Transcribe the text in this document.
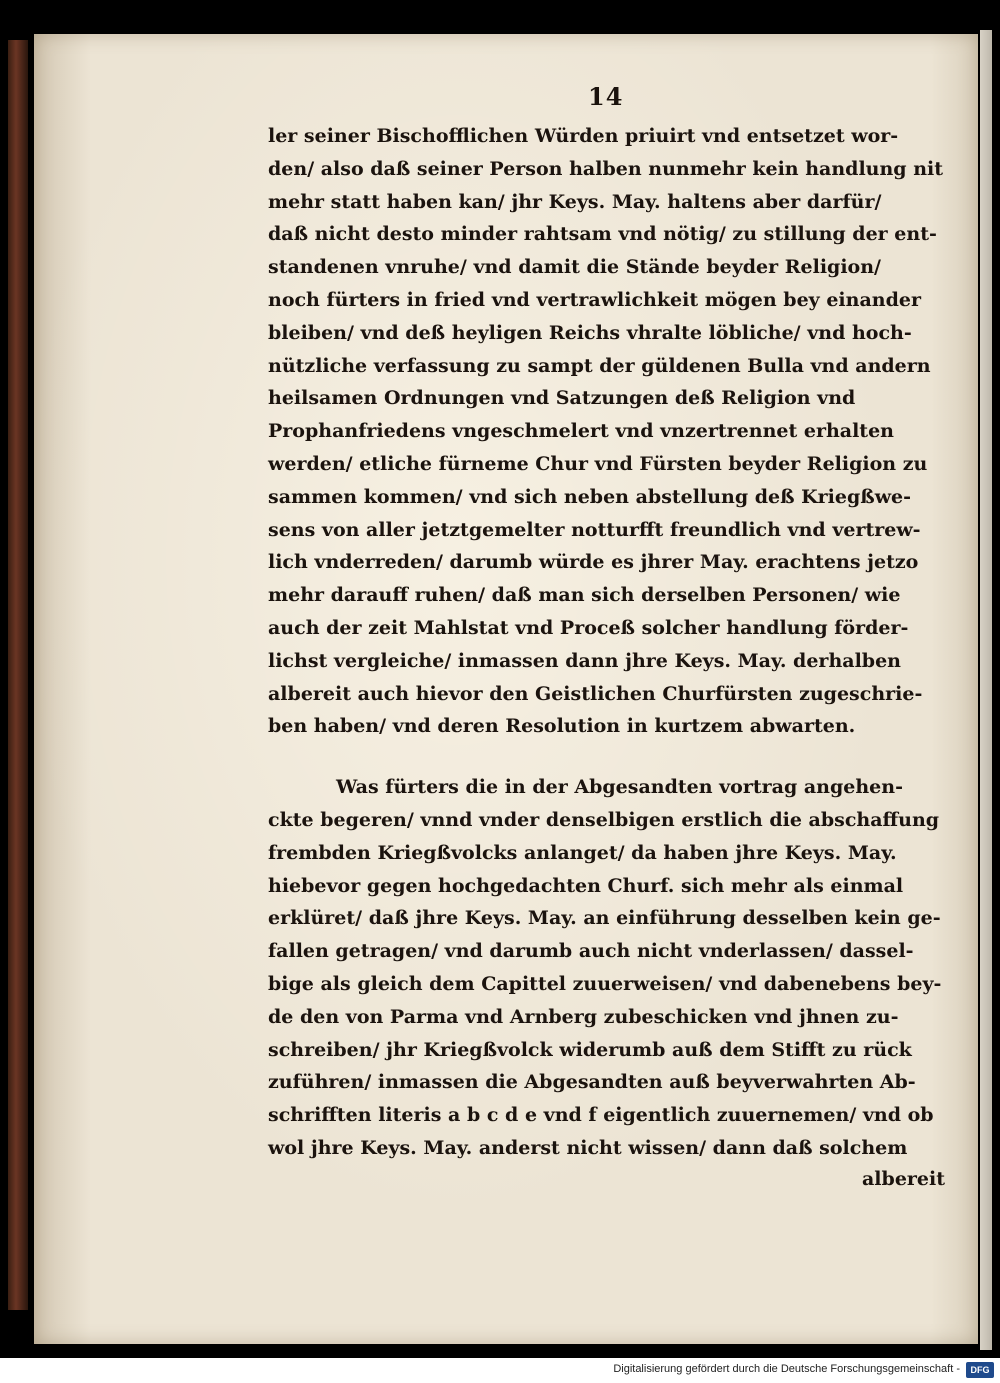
14
ler seiner Bischofflichen Würden priuirt vnd entsetzet wor-
den/ also daß seiner Person halben nunmehr kein handlung nit
mehr statt haben kan/ jhr Keys. May. haltens aber darfür/
daß nicht desto minder rahtsam vnd nötig/ zu stillung der ent-
standenen vnruhe/ vnd damit die Stände beyder Religion/
noch fürters in fried vnd vertrawlichkeit mögen bey einander
bleiben/ vnd deß heyligen Reichs vhralte löbliche/ vnd hoch-
nützliche verfassung zu sampt der güldenen Bulla vnd andern
heilsamen Ordnungen vnd Satzungen deß Religion vnd
Prophanfriedens vngeschmelert vnd vnzertrennet erhalten
werden/ etliche fürneme Chur vnd Fürsten beyder Religion zu
sammen kommen/ vnd sich neben abstellung deß Kriegßwe-
sens von aller jetztgemelter notturfft freundlich vnd vertrew-
lich vnderreden/ darumb würde es jhrer May. erachtens jetzo
mehr darauff ruhen/ daß man sich derselben Personen/ wie
auch der zeit Mahlstat vnd Proceß solcher handlung förder-
lichst vergleiche/ inmassen dann jhre Keys. May. derhalben
albereit auch hievor den Geistlichen Churfürsten zugeschrie-
ben haben/ vnd deren Resolution in kurtzem abwarten.
Was fürters die in der Abgesandten vortrag angehen-
ckte begeren/ vnnd vnder denselbigen erstlich die abschaffung
frembden Kriegßvolcks anlanget/ da haben jhre Keys. May.
hiebevor gegen hochgedachten Churf. sich mehr als einmal
erklüret/ daß jhre Keys. May. an einführung desselben kein ge-
fallen getragen/ vnd darumb auch nicht vnderlassen/ dassel-
bige als gleich dem Capittel zuuerweisen/ vnd dabenebens bey-
de den von Parma vnd Arnberg zubeschicken vnd jhnen zu-
schreiben/ jhr Kriegßvolck widerumb auß dem Stifft zu rück
zuführen/ inmassen die Abgesandten auß beyverwahrten Ab-
schrifften literis a b c d e vnd f eigentlich zuuernemen/ vnd ob
wol jhre Keys. May. anderst nicht wissen/ dann daß solchem
albereit
Digitalisierung gefördert durch die Deutsche Forschungsgemeinschaft -	DFG
